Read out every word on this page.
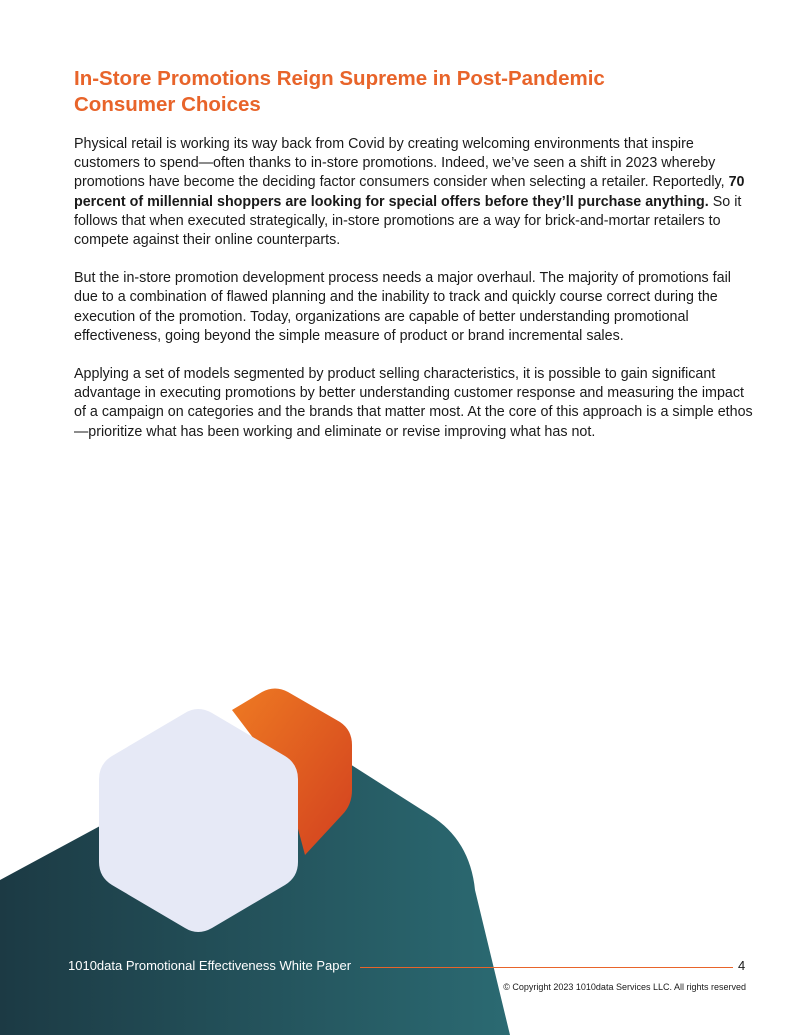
In-Store Promotions Reign Supreme in Post-Pandemic
Consumer Choices

Physical retail is working its way back from Covid by creating welcoming environments that inspire customers to spend—often thanks to in-store promotions. Indeed, we’ve seen a shift in 2023 whereby promotions have become the deciding factor consumers consider when selecting a retailer. Reportedly, 70 percent of millennial shoppers are looking for special offers before they’ll purchase anything. So it follows that when executed strategically, in-store promotions are a way for brick-and-mortar retailers to compete against their online counterparts.

But the in-store promotion development process needs a major overhaul. The majority of promotions fail due to a combination of flawed planning and the inability to track and quickly course correct during the execution of the promotion. Today, organizations are capable of better understanding promotional effectiveness, going beyond the simple measure of product or brand incremental sales.

Applying a set of models segmented by product selling characteristics, it is possible to gain significant advantage in executing promotions by better understanding customer response and measuring the impact of a campaign on categories and the brands that matter most. At the core of this approach is a simple ethos—prioritize what has been working and eliminate or revise improving what has not.

1010data Promotional Effectiveness White Paper	4
© Copyright 2023 1010data Services LLC. All rights reserved
